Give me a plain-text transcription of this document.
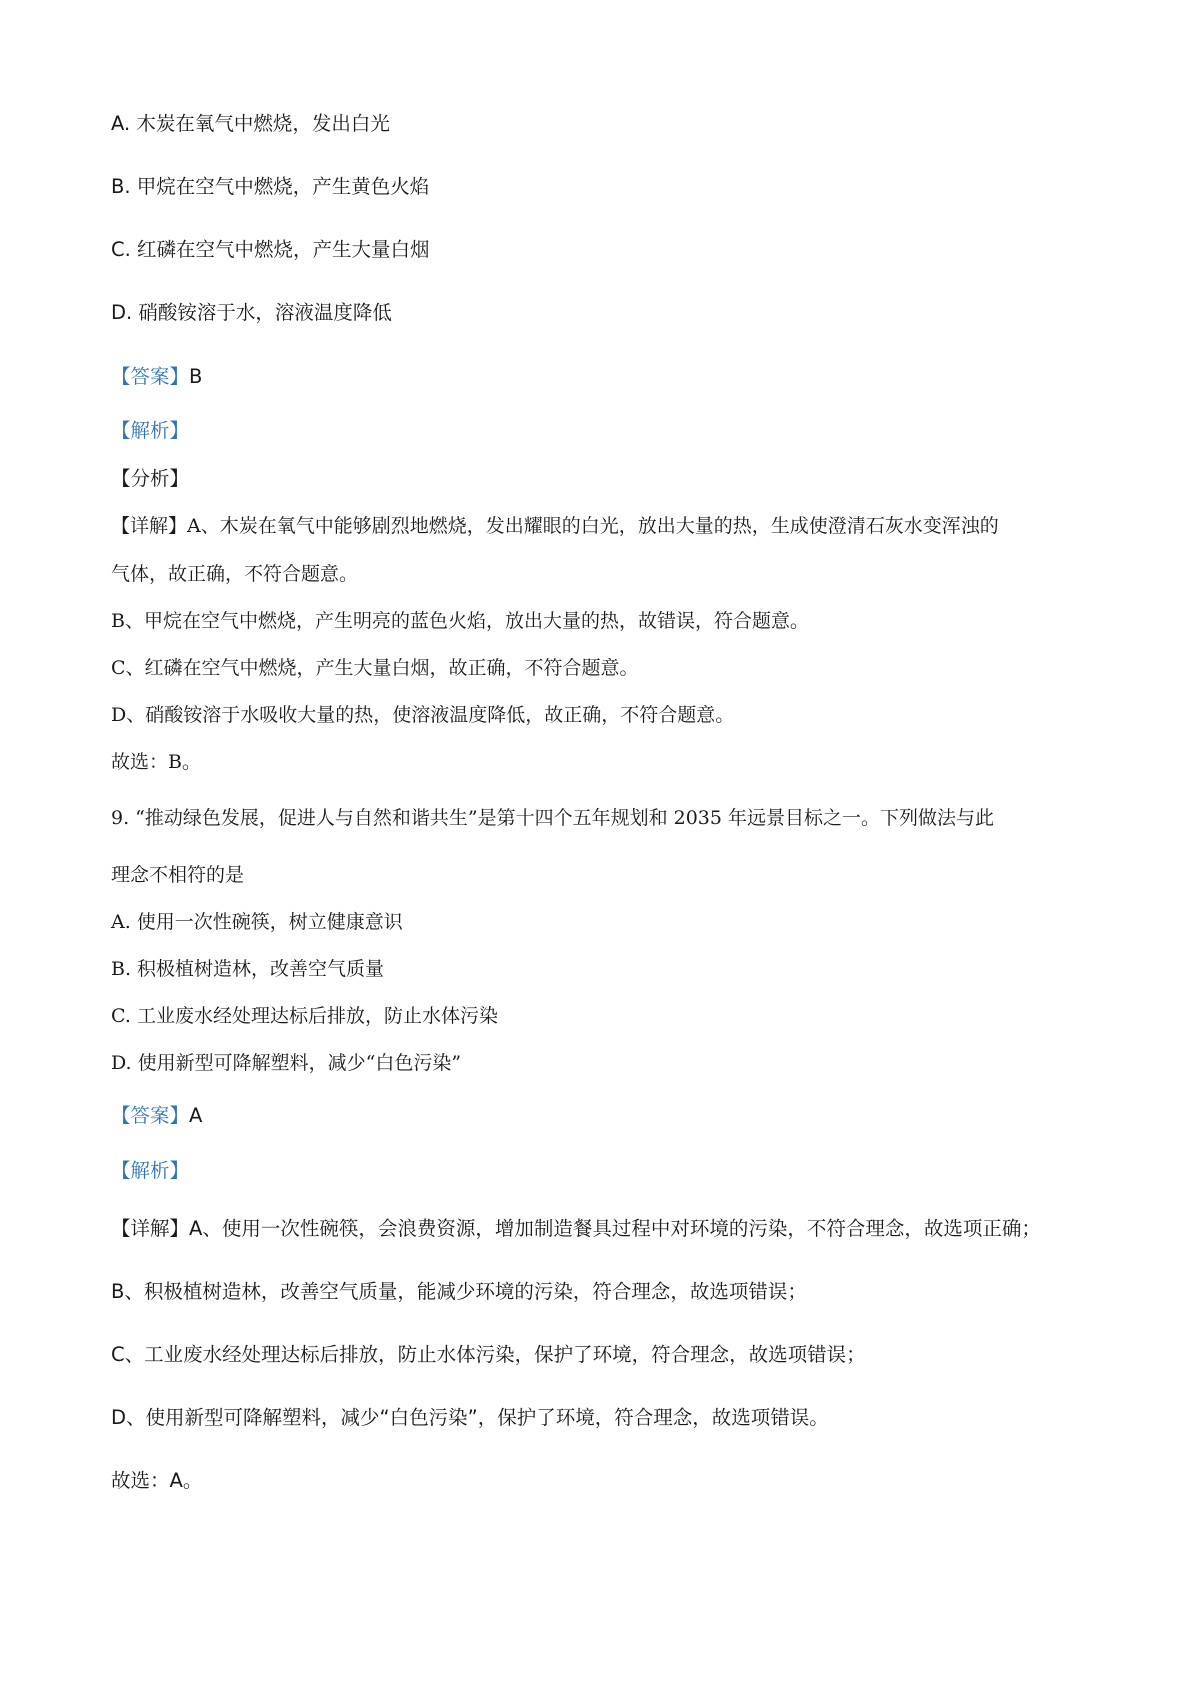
A. 木炭在氧气中燃烧，发出白光
B. 甲烷在空气中燃烧，产生黄色火焰
C. 红磷在空气中燃烧，产生大量白烟
D. 硝酸铵溶于水，溶液温度降低
【答案】B
【解析】
【分析】
【详解】A、木炭在氧气中能够剧烈地燃烧，发出耀眼的白光，放出大量的热，生成使澄清石灰水变浑浊的
气体，故正确，不符合题意。
B、甲烷在空气中燃烧，产生明亮的蓝色火焰，放出大量的热，故错误，符合题意。
C、红磷在空气中燃烧，产生大量白烟，故正确，不符合题意。
D、硝酸铵溶于水吸收大量的热，使溶液温度降低，故正确，不符合题意。
故选：B。
9. “推动绿色发展，促进人与自然和谐共生”是第十四个五年规划和 2035 年远景目标之一。下列做法与此
理念不相符的是
A. 使用一次性碗筷，树立健康意识
B. 积极植树造林，改善空气质量
C. 工业废水经处理达标后排放，防止水体污染
D. 使用新型可降解塑料，减少“白色污染”
【答案】A
【解析】
【详解】A、使用一次性碗筷，会浪费资源，增加制造餐具过程中对环境的污染，不符合理念，故选项正确；
B、积极植树造林，改善空气质量，能减少环境的污染，符合理念，故选项错误；
C、工业废水经处理达标后排放，防止水体污染，保护了环境，符合理念，故选项错误；
D、使用新型可降解塑料，减少“白色污染”，保护了环境，符合理念，故选项错误。
故选：A。
